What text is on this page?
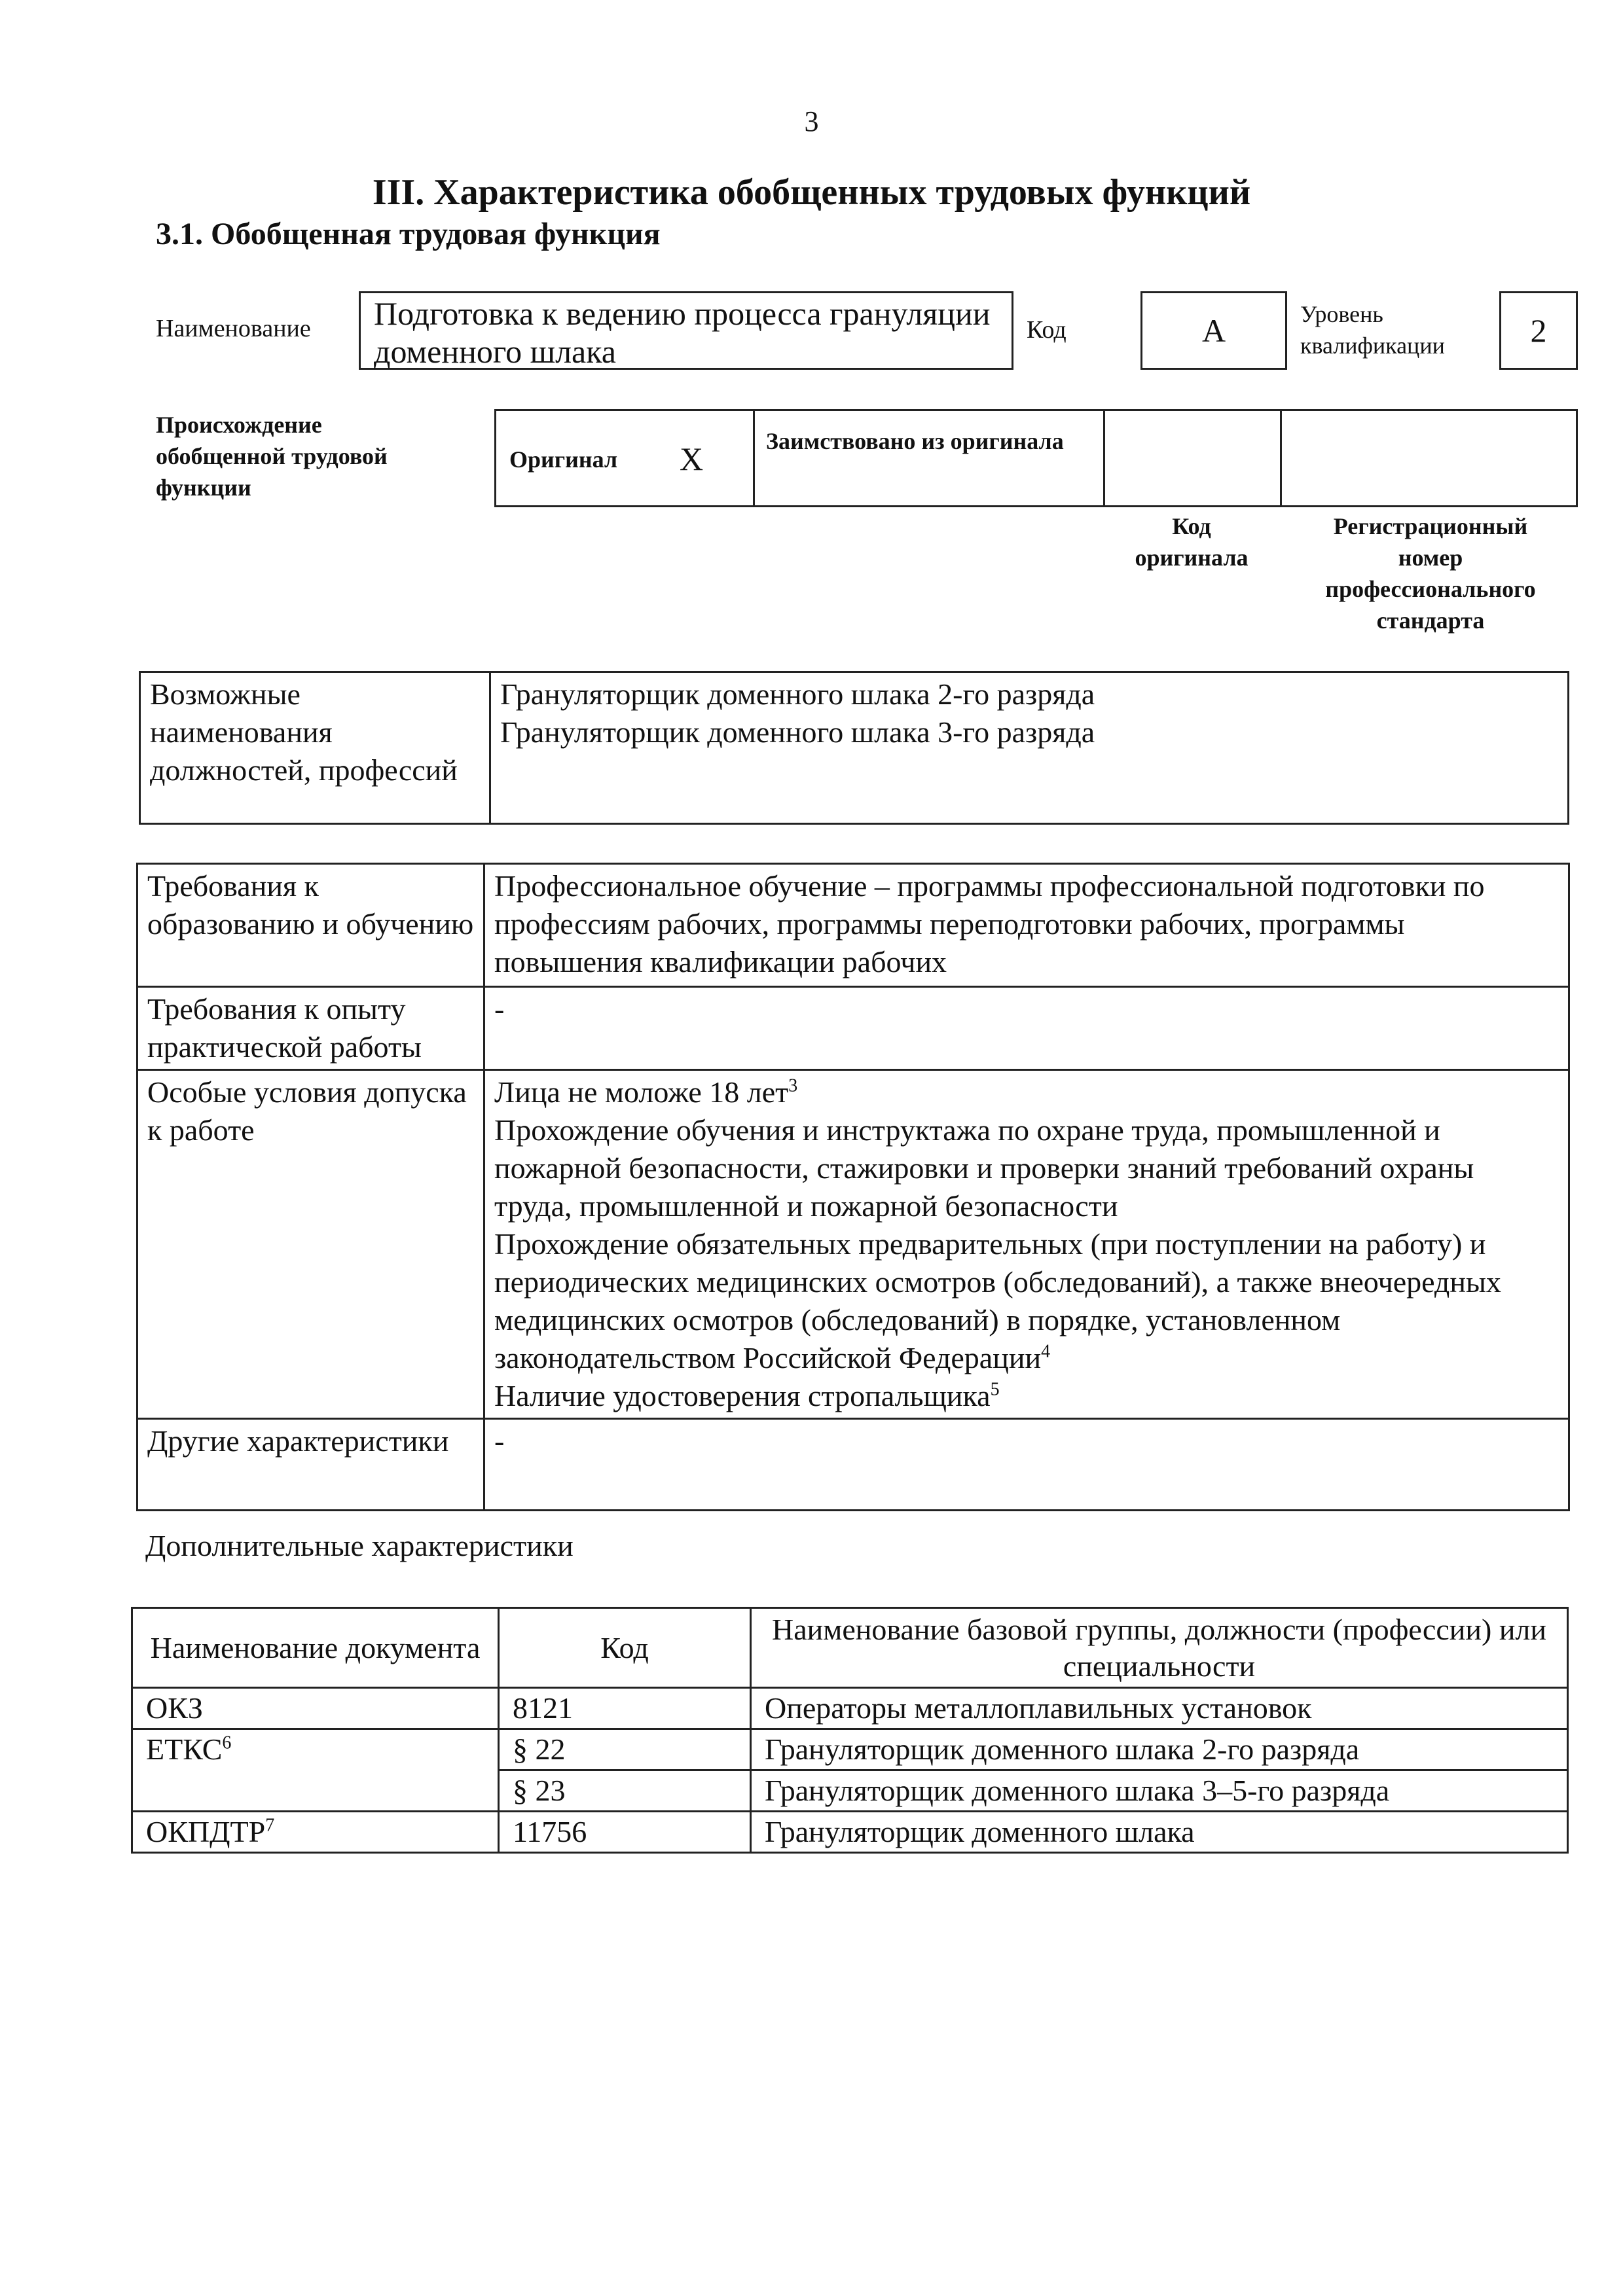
3
III. Характеристика обобщенных трудовых функций
3.1. Обобщенная трудовая функция
Наименование	Подготовка к ведению процесса грануляции доменного шлака
Код	A	Уровень квалификации	2
Происхождение обобщенной трудовой функции
Оригинал X	Заимствовано из оригинала
Код оригинала
Регистрационный номер профессионального стандарта
Возможные наименования должностей, профессий	
Грануляторщик доменного шлака 2-го разряда
Грануляторщик доменного шлака 3-го разряда
Требования к образованию и обучению	Профессиональное обучение – программы профессиональной подготовки по профессиям рабочих, программы переподготовки рабочих, программы повышения квалификации рабочих
Требования к опыту практической работы	-
Особые условия допуска к работе	Лица не моложе 18 лет$^3$
Прохождение обучения и инструктажа по охране труда, промышленной и пожарной безопасности, стажировки и проверки знаний требований охраны труда, промышленной и пожарной безопасности
Прохождение обязательных предварительных (при поступлении на работу) и периодических медицинских осмотров (обследований), а также внеочередных медицинских осмотров (обследований) в порядке, установленном законодательством Российской Федерации$^4$
Наличие удостоверения стропальщика$^5$

Другие характеристики	-
Дополнительные характеристики
Наименование документа	Код	Наименование базовой группы, должности (профессии) или специальности
ОКЗ	8121	Операторы металлоплавильных установок
ЕТКС$^6$	§ 22	Грануляторщик доменного шлака 2-го разряда
	§ 23	Грануляторщик доменного шлака 3–5-го разряда
ОКПДТР$^7$	11756	Грануляторщик доменного шлака
